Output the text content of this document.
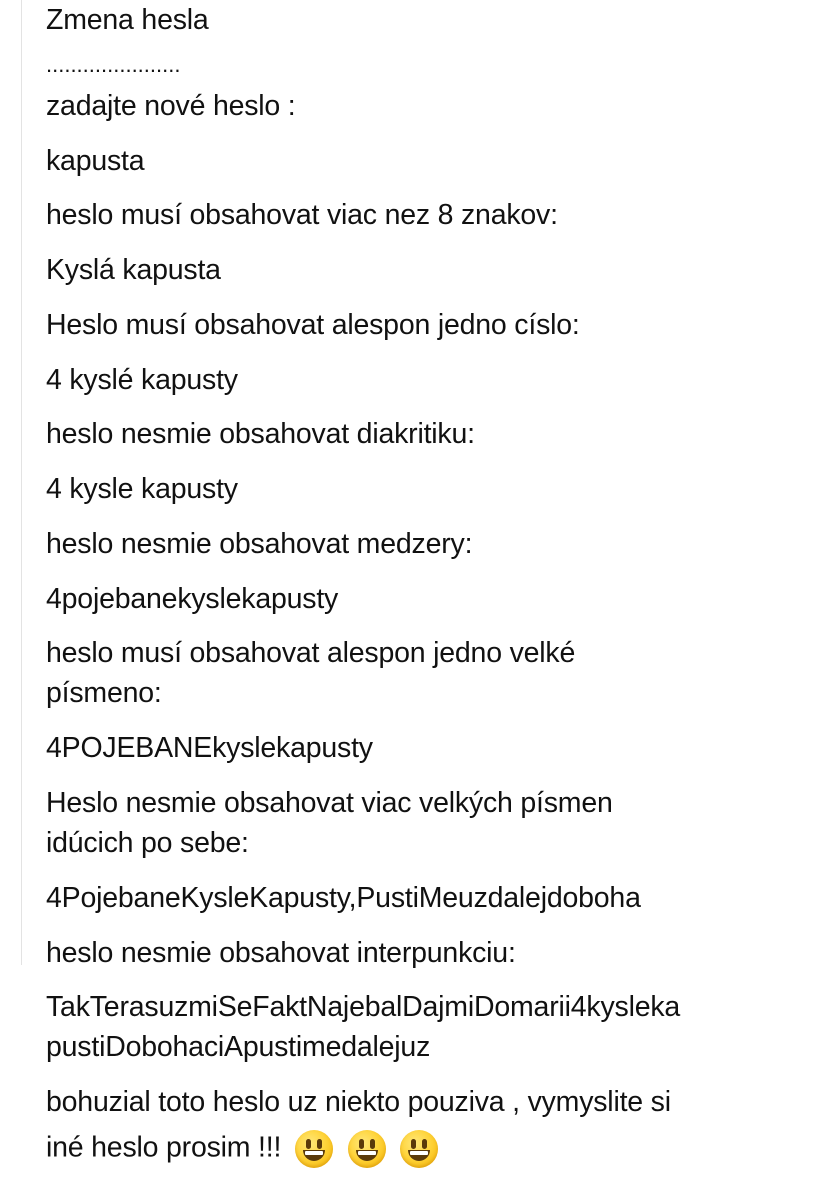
Zmena hesla
......................
zadajte nové heslo :
kapusta
heslo musí obsahovat viac nez 8 znakov:
Kyslá kapusta
Heslo musí obsahovat alespon jedno císlo:
4 kyslé kapusty
heslo nesmie obsahovat diakritiku:
4 kysle kapusty
heslo nesmie obsahovat medzery:
4pojebanekyslekapusty
heslo musí obsahovat alespon jedno velké
písmeno:
4POJEBANEkyslekapusty
Heslo nesmie obsahovat viac velkých písmen
idúcich po sebe:
4PojebaneKysleKapusty,PustiMeuzdalejdoboha
heslo nesmie obsahovat interpunkciu:
TakTerasuzmiSeFaktNajebalDajmiDomarii4kysleka
pustiDobohaciApustimedalejuz
bohuzial toto heslo uz niekto pouziva , vymyslite si
iné heslo prosim !!!
